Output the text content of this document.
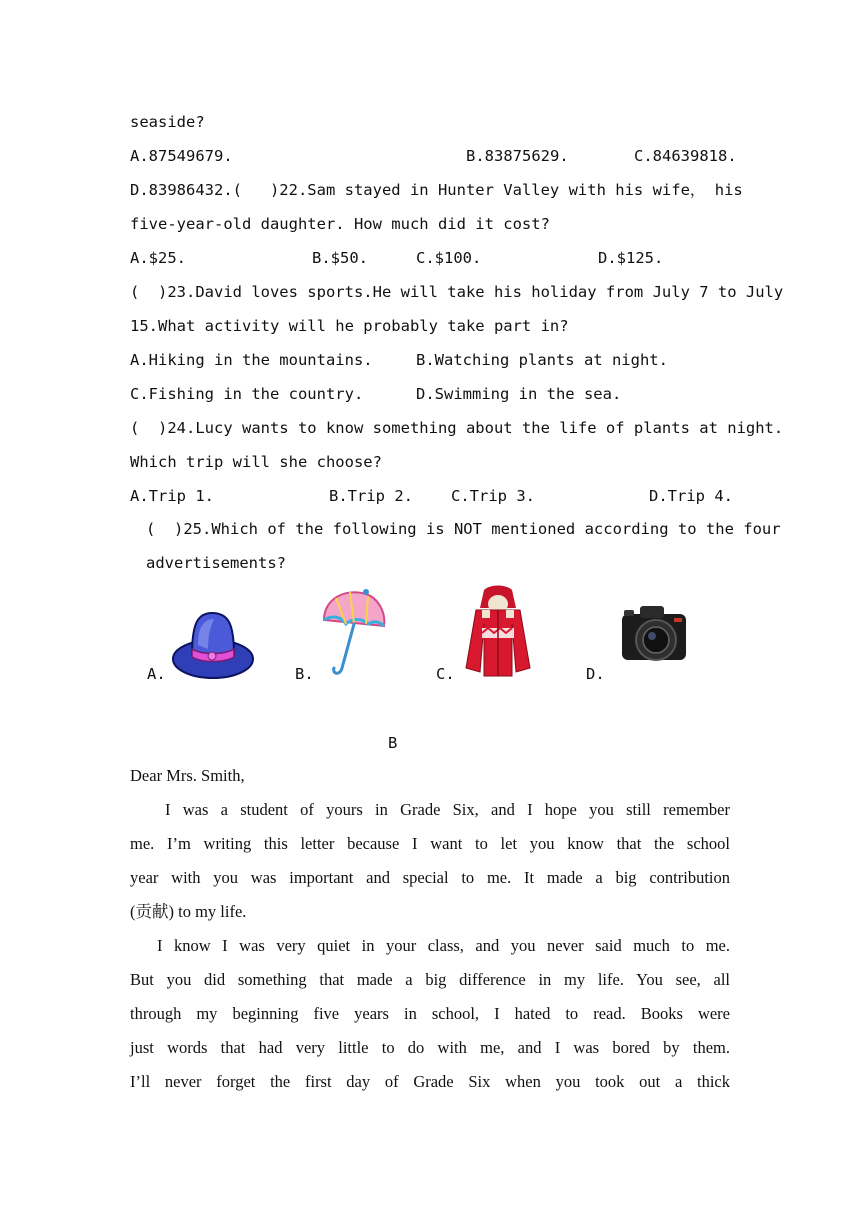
seaside?
A.87549679.	B.83875629.	C.84639818.
D.83986432.(   )22.Sam stayed in Hunter Valley with his wife， his
five-year-old daughter. How much did it cost?
A.$25.	B.$50.	C.$100.	D.$125.
(  )23.David loves sports.He will take his holiday from July 7 to July
15.What activity will he probably take part in?
A.Hiking in the mountains.	B.Watching plants at night.
C.Fishing in the country.	D.Swimming in the sea.
(  )24.Lucy wants to know something about the life of plants at night.
Which trip will she choose?
A.Trip 1.	B.Trip 2. C.Trip 3.	D.Trip 4.
(  )25.Which of the following is NOT mentioned according to the four
advertisements?
A.	B.	C.	D.
B
Dear Mrs. Smith,
I was a student of yours in Grade Six, and I hope you still remember
me. I’m writing this letter because I want to let you know that the school
year with you was important and special to me. It made a big contribution
(贡献) to my life.
I know I was very quiet in your class, and you never said much to me.
But you did something that made a big difference in my life. You see, all
through my beginning five years in school, I hated to read. Books were
just words that had very little to do with me, and I was bored by them.
I’ll never forget the first day of Grade Six when you took out a thick
